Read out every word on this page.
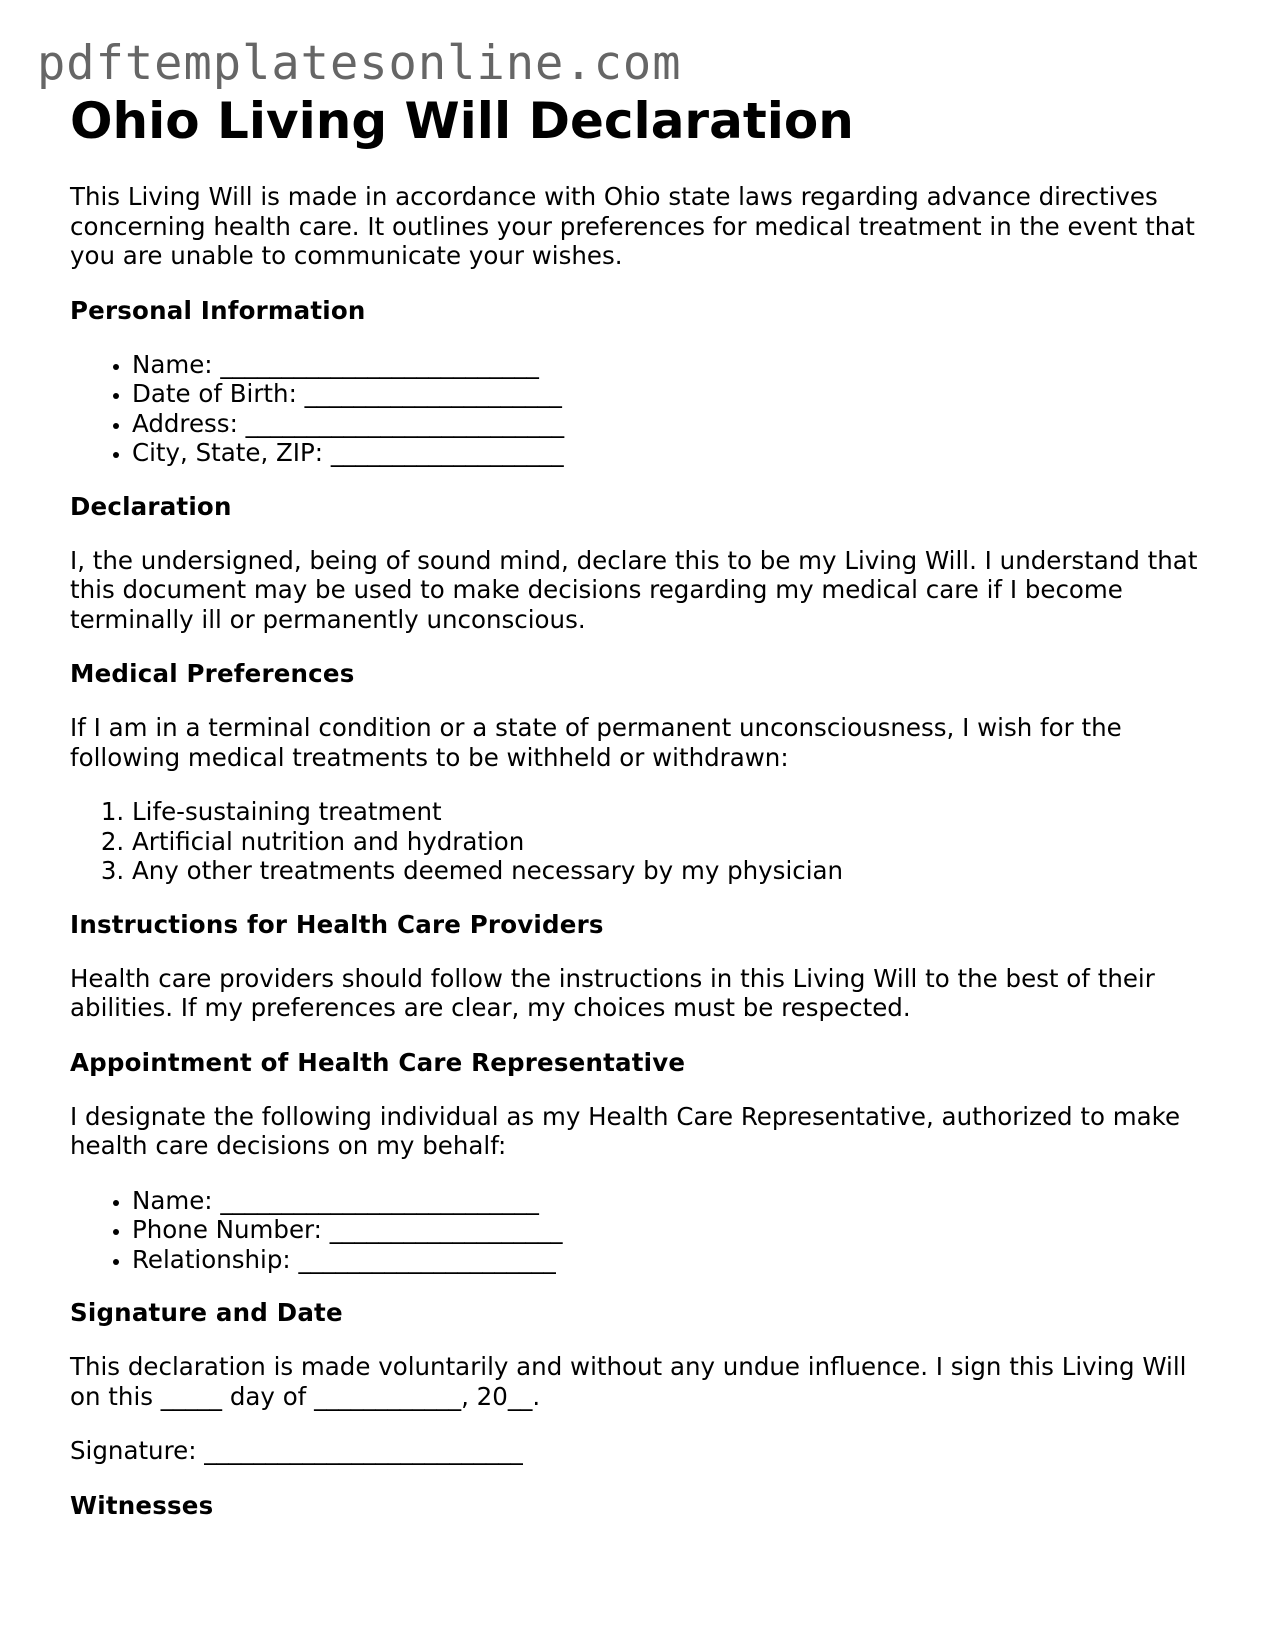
pdftemplatesonline.com
Ohio Living Will Declaration

This Living Will is made in accordance with Ohio state laws regarding advance directives concerning health care. It outlines your preferences for medical treatment in the event that you are unable to communicate your wishes.

Personal Information
• Name: __________________________
• Date of Birth: _____________________
• Address: __________________________
• City, State, ZIP: ___________________
Declaration

I, the undersigned, being of sound mind, declare this to be my Living Will. I understand that this document may be used to make decisions regarding my medical care if I become terminally ill or permanently unconscious.

Medical Preferences

If I am in a terminal condition or a state of permanent unconsciousness, I wish for the following medical treatments to be withheld or withdrawn:

1. Life-sustaining treatment
2. Artificial nutrition and hydration
3. Any other treatments deemed necessary by my physician
Instructions for Health Care Providers

Health care providers should follow the instructions in this Living Will to the best of their abilities. If my preferences are clear, my choices must be respected.

Appointment of Health Care Representative

I designate the following individual as my Health Care Representative, authorized to make health care decisions on my behalf:

• Name: __________________________
• Phone Number: ___________________
• Relationship: _____________________
Signature and Date

This declaration is made voluntarily and without any undue influence. I sign this Living Will on this _____ day of ____________, 20__.

Signature: __________________________

Witnesses
